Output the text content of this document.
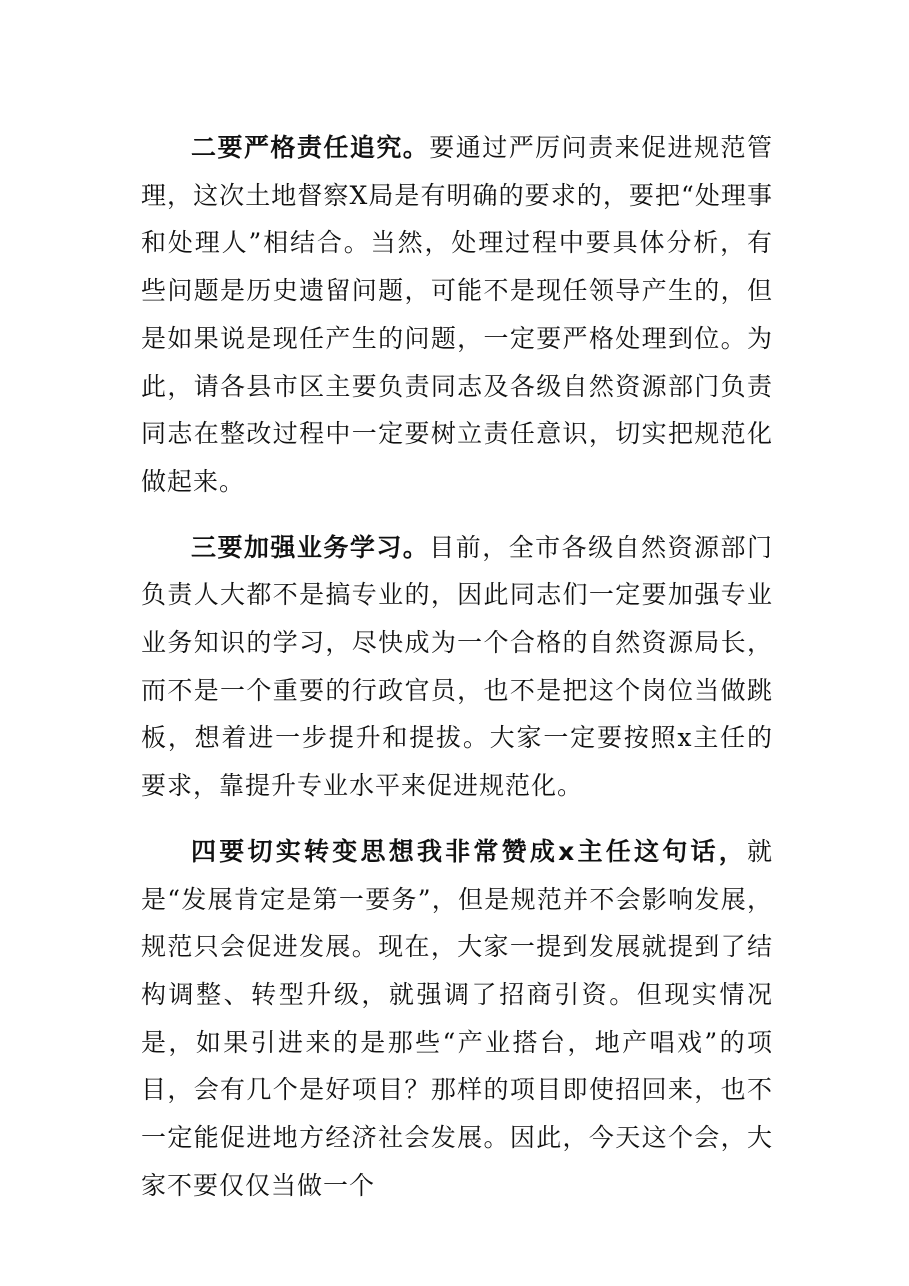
二要严格责任追究。要通过严厉问责来促进规范管理，这次土地督察X局是有明确的要求的，要把“处理事和处理人”相结合。当然，处理过程中要具体分析，有些问题是历史遗留问题，可能不是现任领导产生的，但是如果说是现任产生的问题，一定要严格处理到位。为此，请各县市区主要负责同志及各级自然资源部门负责同志在整改过程中一定要树立责任意识，切实把规范化做起来。

三要加强业务学习。目前，全市各级自然资源部门负责人大都不是搞专业的，因此同志们一定要加强专业业务知识的学习，尽快成为一个合格的自然资源局长，而不是一个重要的行政官员，也不是把这个岗位当做跳板，想着进一步提升和提拔。大家一定要按照x主任的要求，靠提升专业水平来促进规范化。

四要切实转变思想我非常赞成x主任这句话，就是“发展肯定是第一要务”，但是规范并不会影响发展，规范只会促进发展。现在，大家一提到发展就提到了结构调整、转型升级，就强调了招商引资。但现实情况是，如果引进来的是那些“产业搭台，地产唱戏”的项目，会有几个是好项目？那样的项目即使招回来，也不一定能促进地方经济社会发展。因此，今天这个会，大家不要仅仅当做一个
